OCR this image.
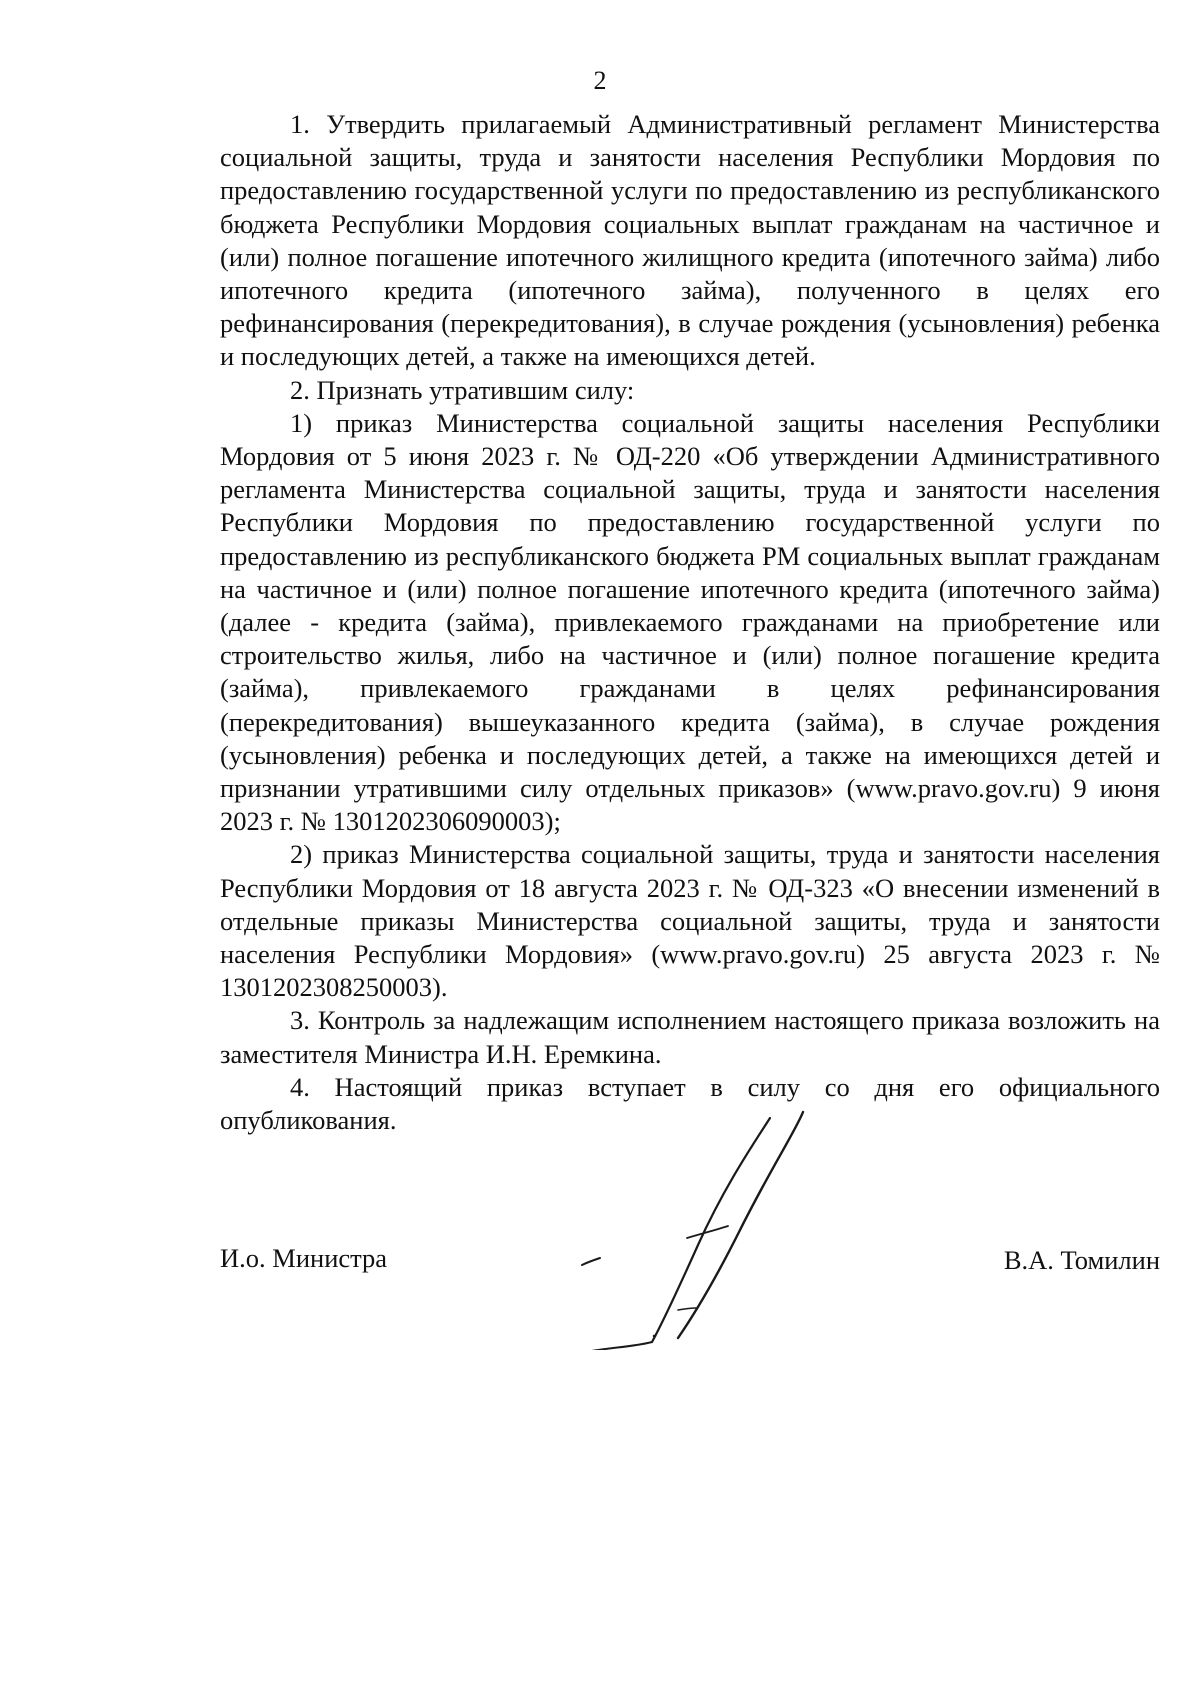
2

1. Утвердить прилагаемый Административный регламент Министерства социальной защиты, труда и занятости населения Республики Мордовия по предоставлению государственной услуги по предоставлению из республиканского бюджета Республики Мордовия социальных выплат гражданам на частичное и (или) полное погашение ипотечного жилищного кредита (ипотечного займа) либо ипотечного кредита (ипотечного займа), полученного в целях его рефинансирования (перекредитования), в случае рождения (усыновления) ребенка и последующих детей, а также на имеющихся детей.

2. Признать утратившим силу:

1) приказ Министерства социальной защиты населения Республики Мордовия от 5 июня 2023 г. № ОД-220 «Об утверждении Административного регламента Министерства социальной защиты, труда и занятости населения Республики Мордовия по предоставлению государственной услуги по предоставлению из республиканского бюджета РМ социальных выплат гражданам на частичное и (или) полное погашение ипотечного кредита (ипотечного займа) (далее - кредита (займа), привлекаемого гражданами на приобретение или строительство жилья, либо на частичное и (или) полное погашение кредита (займа), привлекаемого гражданами в целях рефинансирования (перекредитования) вышеуказанного кредита (займа), в случае рождения (усыновления) ребенка и последующих детей, а также на имеющихся детей и признании утратившими силу отдельных приказов» (www.pravo.gov.ru) 9 июня 2023 г. № 1301202306090003);

2) приказ Министерства социальной защиты, труда и занятости населения Республики Мордовия от 18 августа 2023 г. № ОД-323 «О внесении изменений в отдельные приказы Министерства социальной защиты, труда и занятости населения Республики Мордовия» (www.pravo.gov.ru) 25 августа 2023 г. № 1301202308250003).

3. Контроль за надлежащим исполнением настоящего приказа возложить на заместителя Министра И.Н. Еремкина.

4. Настоящий приказ вступает в силу со дня его официального опубликования.

И.о. Министра	В.А. Томилин
